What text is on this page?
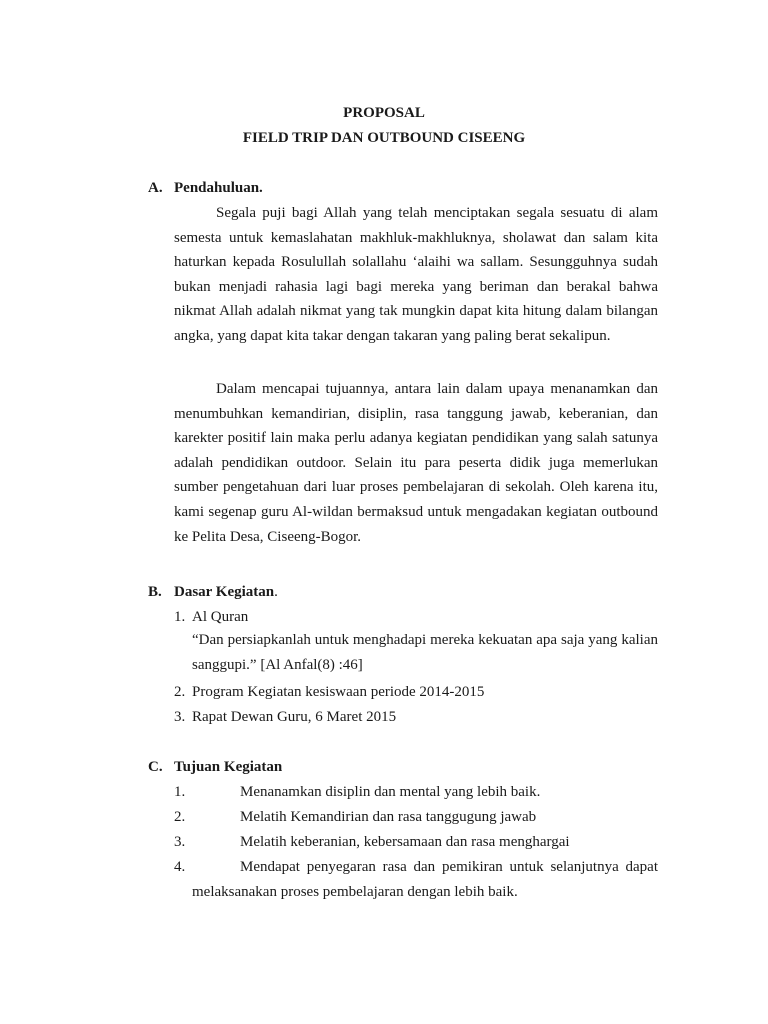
PROPOSAL
FIELD TRIP DAN OUTBOUND CISEENG
A. Pendahuluan.

Segala puji bagi Allah yang telah menciptakan segala sesuatu di alam semesta untuk kemaslahatan makhluk-makhluknya, sholawat dan salam kita haturkan kepada Rosulullah solallahu ‘alaihi wa sallam. Sesungguhnya sudah bukan menjadi rahasia lagi bagi mereka yang beriman dan berakal bahwa nikmat Allah adalah nikmat yang tak mungkin dapat kita hitung dalam bilangan angka, yang dapat kita takar dengan takaran yang paling berat sekalipun.

Dalam mencapai tujuannya, antara lain dalam upaya menanamkan dan menumbuhkan kemandirian, disiplin, rasa tanggung jawab, keberanian, dan karekter positif lain maka perlu adanya kegiatan pendidikan yang salah satunya adalah pendidikan outdoor. Selain itu para peserta didik juga memerlukan sumber pengetahuan dari luar proses pembelajaran di sekolah. Oleh karena itu, kami segenap guru Al-wildan bermaksud untuk mengadakan kegiatan outbound ke Pelita Desa, Ciseeng-Bogor.

B. Dasar Kegiatan.
1. Al Quran

“Dan persiapkanlah untuk menghadapi mereka kekuatan apa saja yang kalian sanggupi.” [Al Anfal(8) :46]

2. Program Kegiatan kesiswaan periode 2014-2015
3. Rapat Dewan Guru, 6 Maret 2015
C. Tujuan Kegiatan
1.	Menanamkan disiplin dan mental yang lebih baik.

2.	Melatih Kemandirian dan rasa tanggugung jawab

3.	Melatih keberanian, kebersamaan dan rasa menghargai

4.	Mendapat penyegaran rasa dan pemikiran untuk selanjutnya dapat melaksanakan proses pembelajaran dengan lebih baik.
